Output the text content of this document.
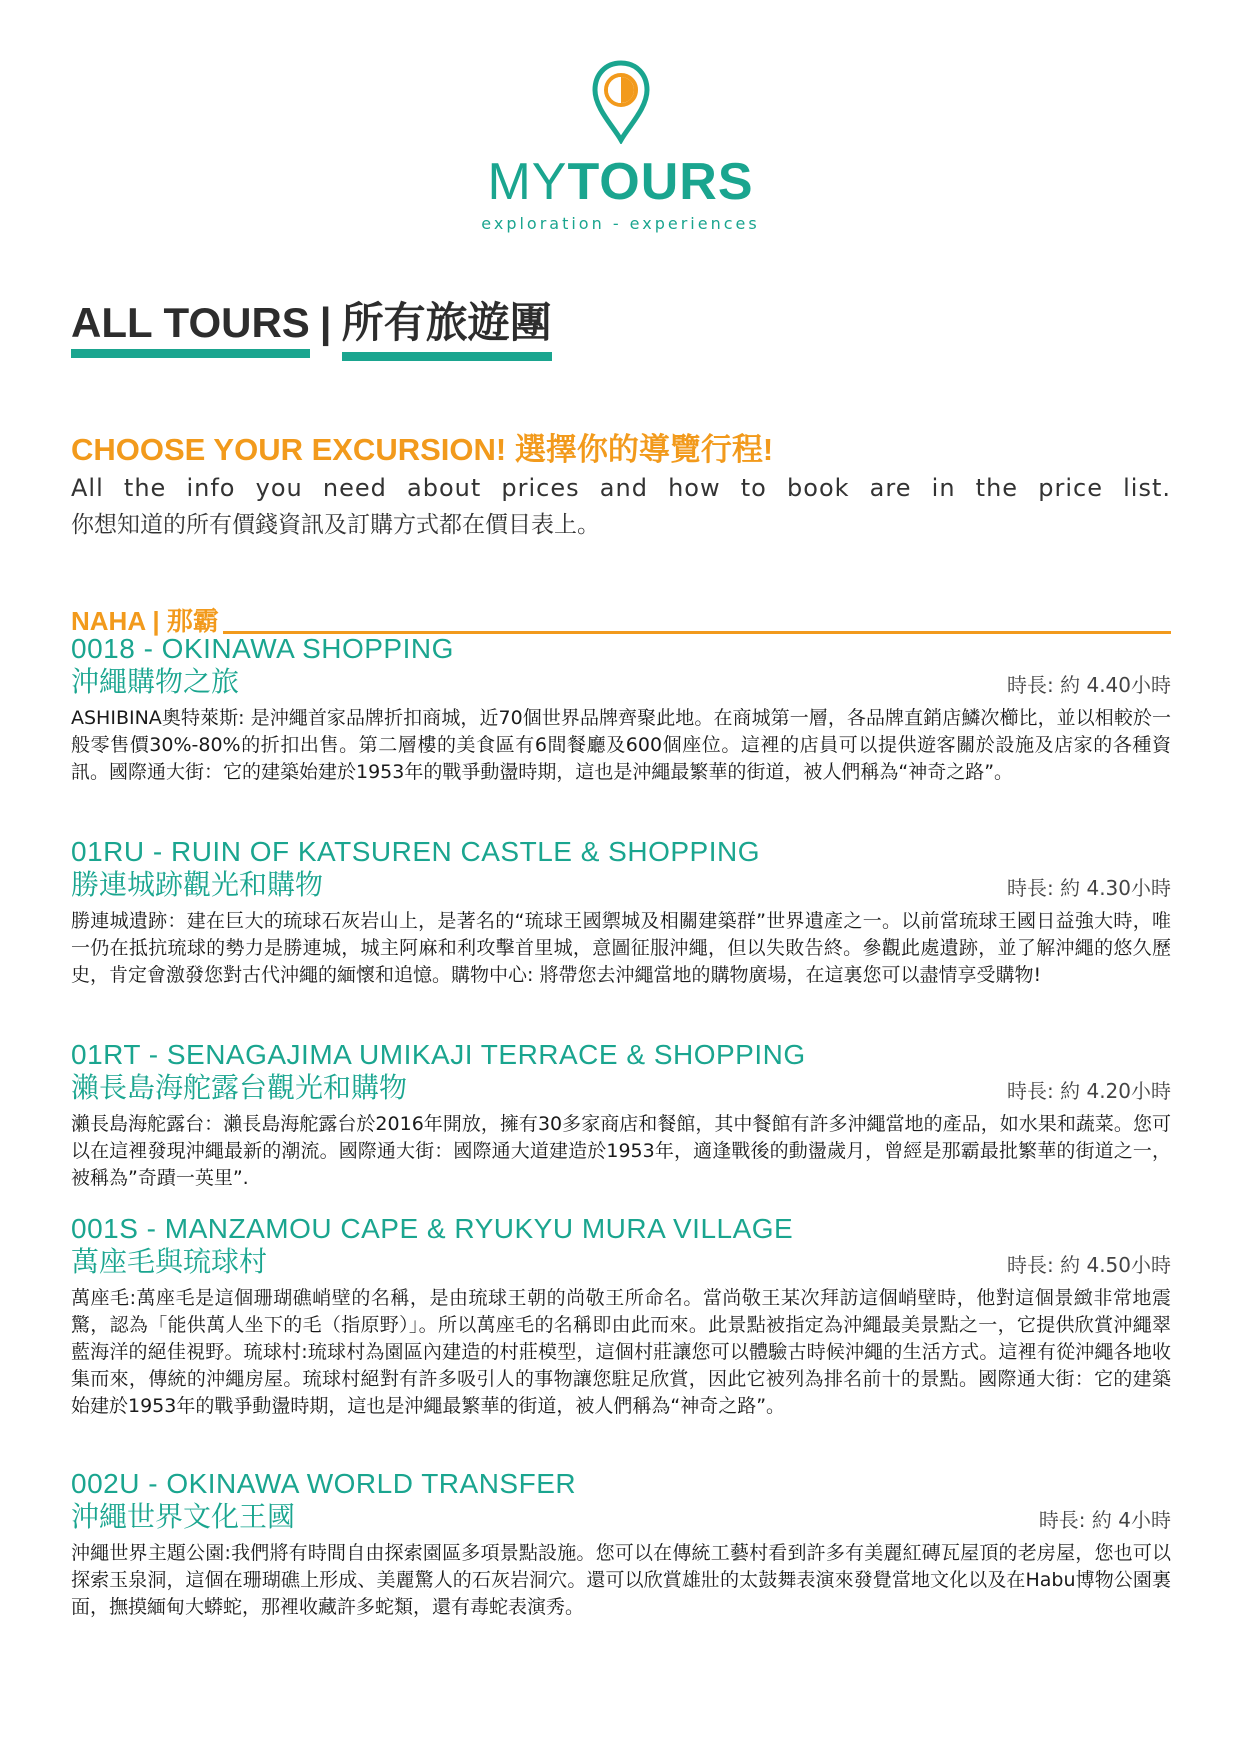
MYTOURS
exploration - experiences
ALL TOURS | 所有旅遊團
CHOOSE YOUR EXCURSION! 選擇你的導覽行程!
All the info you need about prices and how to book are in the price list.
你想知道的所有價錢資訊及訂購方式都在價目表上。
NAHA | 那霸
0018 - OKINAWA SHOPPING
沖繩購物之旅	時長: 約 4.40小時
ASHIBINA奧特萊斯: 是沖繩首家品牌折扣商城，近70個世界品牌齊聚此地。在商城第一層，各品牌直銷店鱗次櫛比，並以相較於一般零售價30%-80%的折扣出售。第二層樓的美食區有6間餐廳及600個座位。這裡的店員可以提供遊客關於設施及店家的各種資訊。國際通大街：它的建築始建於1953年的戰爭動盪時期，這也是沖繩最繁華的街道，被人們稱為“神奇之路”。
01RU - RUIN OF KATSUREN CASTLE & SHOPPING
勝連城跡觀光和購物	時長: 約 4.30小時
勝連城遺跡：建在巨大的琉球石灰岩山上，是著名的“琉球王國禦城及相關建築群”世界遺產之一。以前當琉球王國日益強大時，唯一仍在抵抗琉球的勢力是勝連城，城主阿麻和利攻擊首里城，意圖征服沖繩，但以失敗告終。參觀此處遺跡，並了解沖繩的悠久歷史，肯定會激發您對古代沖繩的緬懷和追憶。購物中心: 將帶您去沖繩當地的購物廣場，在這裏您可以盡情享受購物!
01RT - SENAGAJIMA UMIKAJI TERRACE & SHOPPING
瀨長島海舵露台觀光和購物	時長: 約 4.20小時
瀨長島海舵露台：瀨長島海舵露台於2016年開放，擁有30多家商店和餐館，其中餐館有許多沖繩當地的產品，如水果和蔬菜。您可以在這裡發現沖繩最新的潮流。國際通大街：國際通大道建造於1953年，適逢戰後的動盪歲月，曾經是那霸最批繁華的街道之一，被稱為”奇蹟一英里”.
001S - MANZAMOU CAPE & RYUKYU MURA VILLAGE
萬座毛與琉球村	時長: 約 4.50小時
萬座毛:萬座毛是這個珊瑚礁峭壁的名稱，是由琉球王朝的尚敬王所命名。當尚敬王某次拜訪這個峭壁時，他對這個景緻非常地震驚，認為「能供萬人坐下的毛（指原野）」。所以萬座毛的名稱即由此而來。此景點被指定為沖繩最美景點之一，它提供欣賞沖繩翠藍海洋的絕佳視野。琉球村:琉球村為園區內建造的村莊模型，這個村莊讓您可以體驗古時候沖繩的生活方式。這裡有從沖繩各地收集而來，傳統的沖繩房屋。琉球村絕對有許多吸引人的事物讓您駐足欣賞，因此它被列為排名前十的景點。國際通大街：它的建築始建於1953年的戰爭動盪時期，這也是沖繩最繁華的街道，被人們稱為“神奇之路”。
002U - OKINAWA WORLD TRANSFER
沖繩世界文化王國	時長: 約 4小時
沖繩世界主題公園:我們將有時間自由探索園區多項景點設施。您可以在傳統工藝村看到許多有美麗紅磚瓦屋頂的老房屋，您也可以探索玉泉洞，這個在珊瑚礁上形成、美麗驚人的石灰岩洞穴。還可以欣賞雄壯的太鼓舞表演來發覺當地文化以及在Habu博物公園裏面，撫摸緬甸大蟒蛇，那裡收藏許多蛇類，還有毒蛇表演秀。
